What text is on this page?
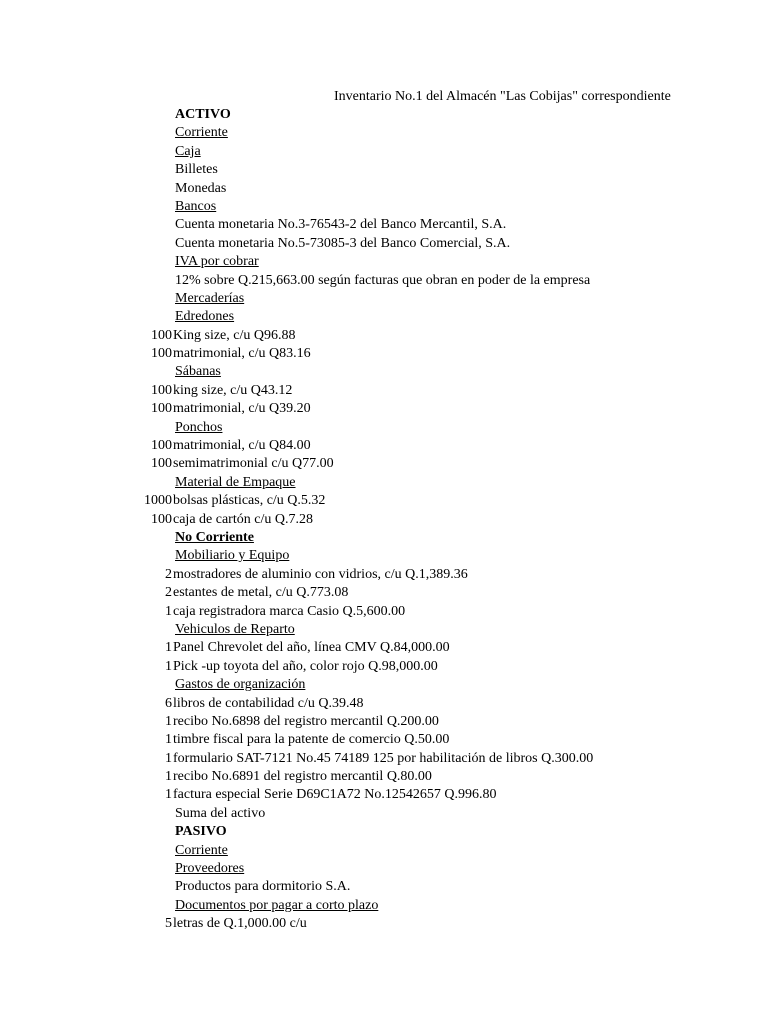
Inventario No.1 del Almacén "Las Cobijas" correspondiente
ACTIVO
Corriente
Caja
Billetes
Monedas
Bancos
Cuenta monetaria No.3-76543-2 del Banco Mercantil, S.A.
Cuenta monetaria No.5-73085-3 del Banco Comercial, S.A.
IVA por cobrar
12% sobre Q.215,663.00 según facturas que obran en poder de la empresa
Mercaderías
Edredones
100 King size, c/u Q96.88
100 matrimonial, c/u Q83.16
Sábanas
100 king size, c/u Q43.12
100 matrimonial, c/u Q39.20
Ponchos
100 matrimonial, c/u Q84.00
100 semimatrimonial c/u Q77.00
Material de Empaque
1000 bolsas plásticas, c/u Q.5.32
100 caja de cartón c/u Q.7.28
No Corriente
Mobiliario y Equipo
2 mostradores de aluminio con vidrios, c/u Q.1,389.36
2 estantes de metal, c/u Q.773.08
1 caja registradora marca Casio Q.5,600.00
Vehiculos de Reparto
1 Panel Chrevolet del año, línea CMV Q.84,000.00
1 Pick -up toyota del año, color rojo Q.98,000.00
Gastos de organización
6 libros de contabilidad c/u Q.39.48
1 recibo No.6898 del registro mercantil Q.200.00
1 timbre fiscal para la patente de comercio Q.50.00
1 formulario SAT-7121 No.45 74189 125 por habilitación de libros Q.300.00
1 recibo No.6891 del registro mercantil Q.80.00
1 factura especial Serie D69C1A72 No.12542657 Q.996.80
Suma del activo
PASIVO
Corriente
Proveedores
Productos para dormitorio S.A.
Documentos por pagar a corto plazo
5 letras de Q.1,000.00 c/u
